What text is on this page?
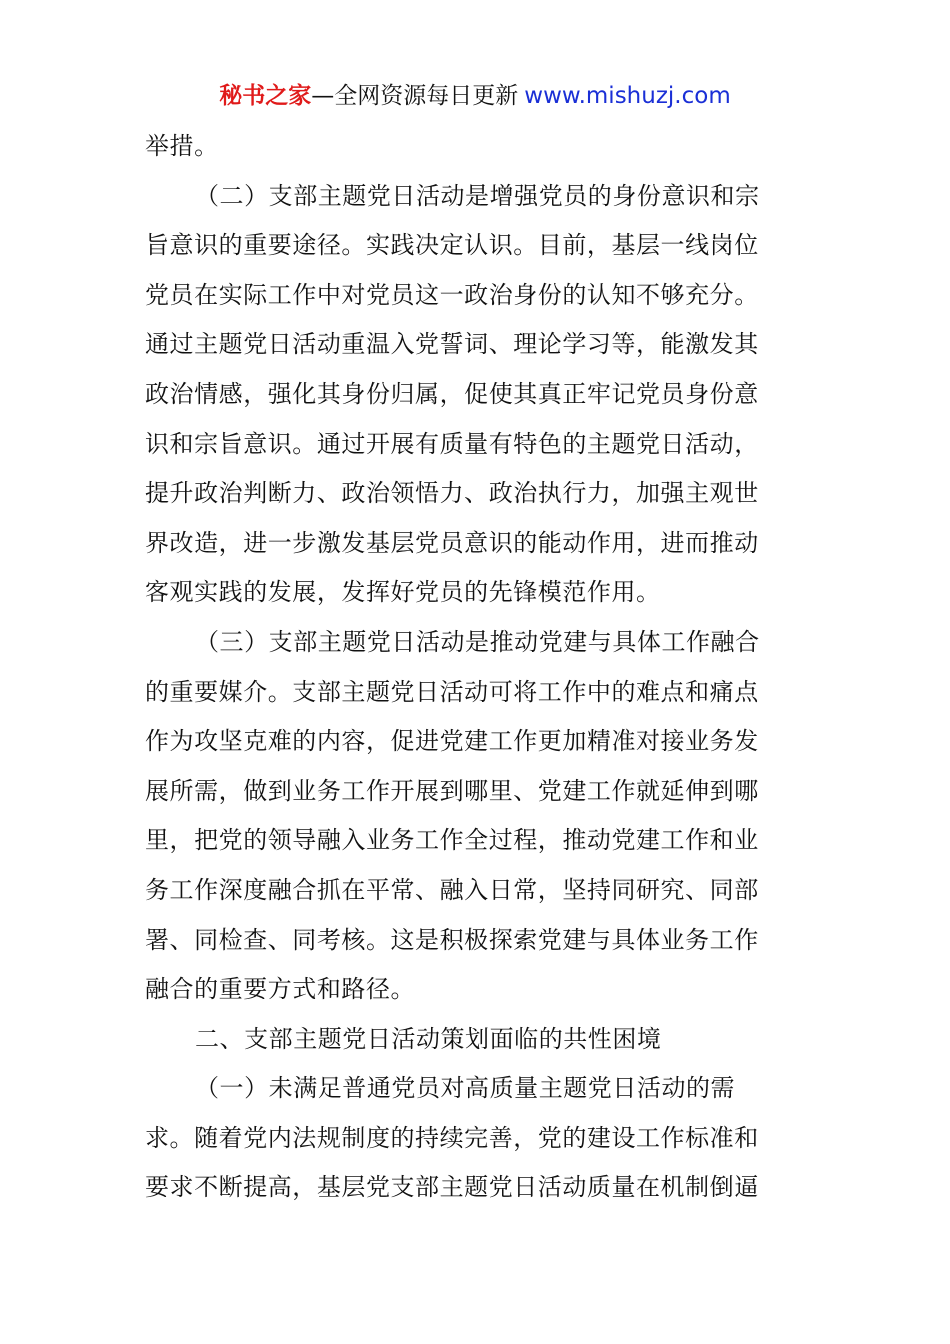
秘书之家—全网资源每日更新 www.mishuzj.com
举措。
（二）支部主题党日活动是增强党员的身份意识和宗
旨意识的重要途径。实践决定认识。目前，基层一线岗位
党员在实际工作中对党员这一政治身份的认知不够充分。
通过主题党日活动重温入党誓词、理论学习等，能激发其
政治情感，强化其身份归属，促使其真正牢记党员身份意
识和宗旨意识。通过开展有质量有特色的主题党日活动，
提升政治判断力、政治领悟力、政治执行力，加强主观世
界改造，进一步激发基层党员意识的能动作用，进而推动
客观实践的发展，发挥好党员的先锋模范作用。
（三）支部主题党日活动是推动党建与具体工作融合
的重要媒介。支部主题党日活动可将工作中的难点和痛点
作为攻坚克难的内容，促进党建工作更加精准对接业务发
展所需，做到业务工作开展到哪里、党建工作就延伸到哪
里，把党的领导融入业务工作全过程，推动党建工作和业
务工作深度融合抓在平常、融入日常，坚持同研究、同部
署、同检查、同考核。这是积极探索党建与具体业务工作
融合的重要方式和路径。
二、支部主题党日活动策划面临的共性困境
（一）未满足普通党员对高质量主题党日活动的需
求。随着党内法规制度的持续完善，党的建设工作标准和
要求不断提高，基层党支部主题党日活动质量在机制倒逼
